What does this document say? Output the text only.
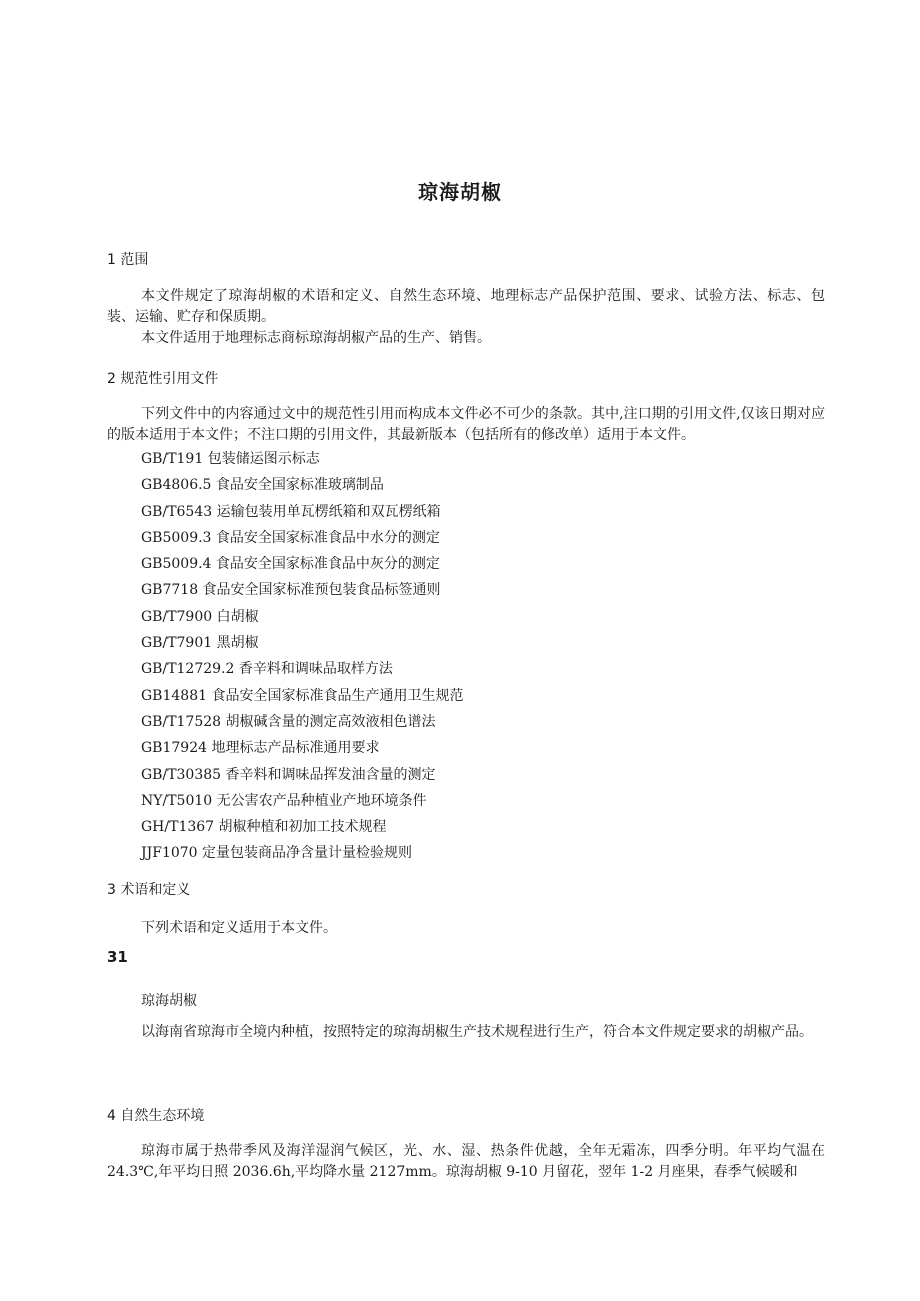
琼海胡椒
1 范围
本文件规定了琼海胡椒的术语和定义、自然生态环境、地理标志产品保护范围、要求、试验方法、标志、包装、运输、贮存和保质期。
本文件适用于地理标志商标琼海胡椒产品的生产、销售。
2 规范性引用文件
下列文件中的内容通过文中的规范性引用而构成本文件必不可少的条款。其中,注口期的引用文件,仅该日期对应的版本适用于本文件；不注口期的引用文件，其最新版本（包括所有的修改单）适用于本文件。
GB/T191 包装储运图示标志
GB4806.5 食品安全国家标准玻璃制品
GB/T6543 运输包装用单瓦楞纸箱和双瓦楞纸箱
GB5009.3 食品安全国家标准食品中水分的测定
GB5009.4 食品安全国家标准食品中灰分的测定
GB7718 食品安全国家标准预包装食品标签通则
GB/T7900 白胡椒
GB/T7901 黑胡椒
GB/T12729.2 香辛料和调味品取样方法
GB14881 食品安全国家标准食品生产通用卫生规范
GB/T17528 胡椒碱含量的测定高效液相色谱法
GB17924 地理标志产品标准通用要求
GB/T30385 香辛料和调味品挥发油含量的测定
NY/T5010 无公害农产品种植业产地环境条件
GH/T1367 胡椒种植和初加工技术规程
JJF1070 定量包装商品净含量计量检验规则
3 术语和定义
下列术语和定义适用于本文件。
31
琼海胡椒
以海南省琼海市全境内种植，按照特定的琼海胡椒生产技术规程进行生产，符合本文件规定要求的胡椒产品。
4 自然生态环境
琼海市属于热带季风及海洋湿润气候区，光、水、湿、热条件优越，全年无霜冻，四季分明。年平均气温在 24.3℃,年平均日照 2036.6h,平均降水量 2127mm。琼海胡椒 9-10 月留花，翌年 1-2 月座果，春季气候暖和
